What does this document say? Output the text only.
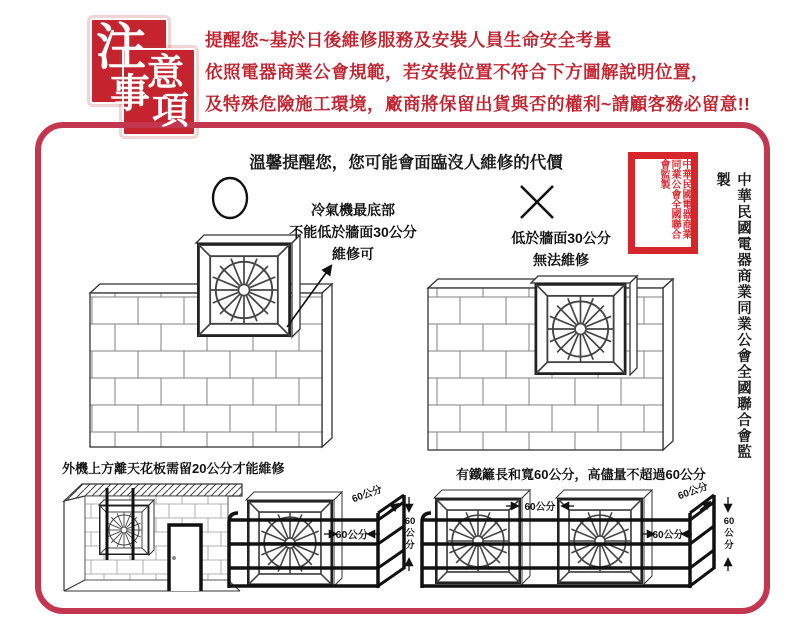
注 意
事 項
提醒您~基於日後維修服務及安裝人員生命安全考量
依照電器商業公會規範，若安裝位置不符合下方圖解說明位置，
及特殊危險施工環境，廠商將保留出貨與否的權利~請顧客務必留意!!
溫馨提醒您，您可能會面臨沒人維修的代價
冷氣機最底部
不能低於牆面30公分
維修可
低於牆面30公分
無法維修
外機上方離天花板需留20公分才能維修	有鐵籬長和寬60公分，高儘量不超過60公分
中華民國電器商業同業公會全國聯合會監製	中華民國電器商業同業公會全國聯合會監製
60公分
60公分
60
公
分
60公分
60公分
60公分
60
公
分
